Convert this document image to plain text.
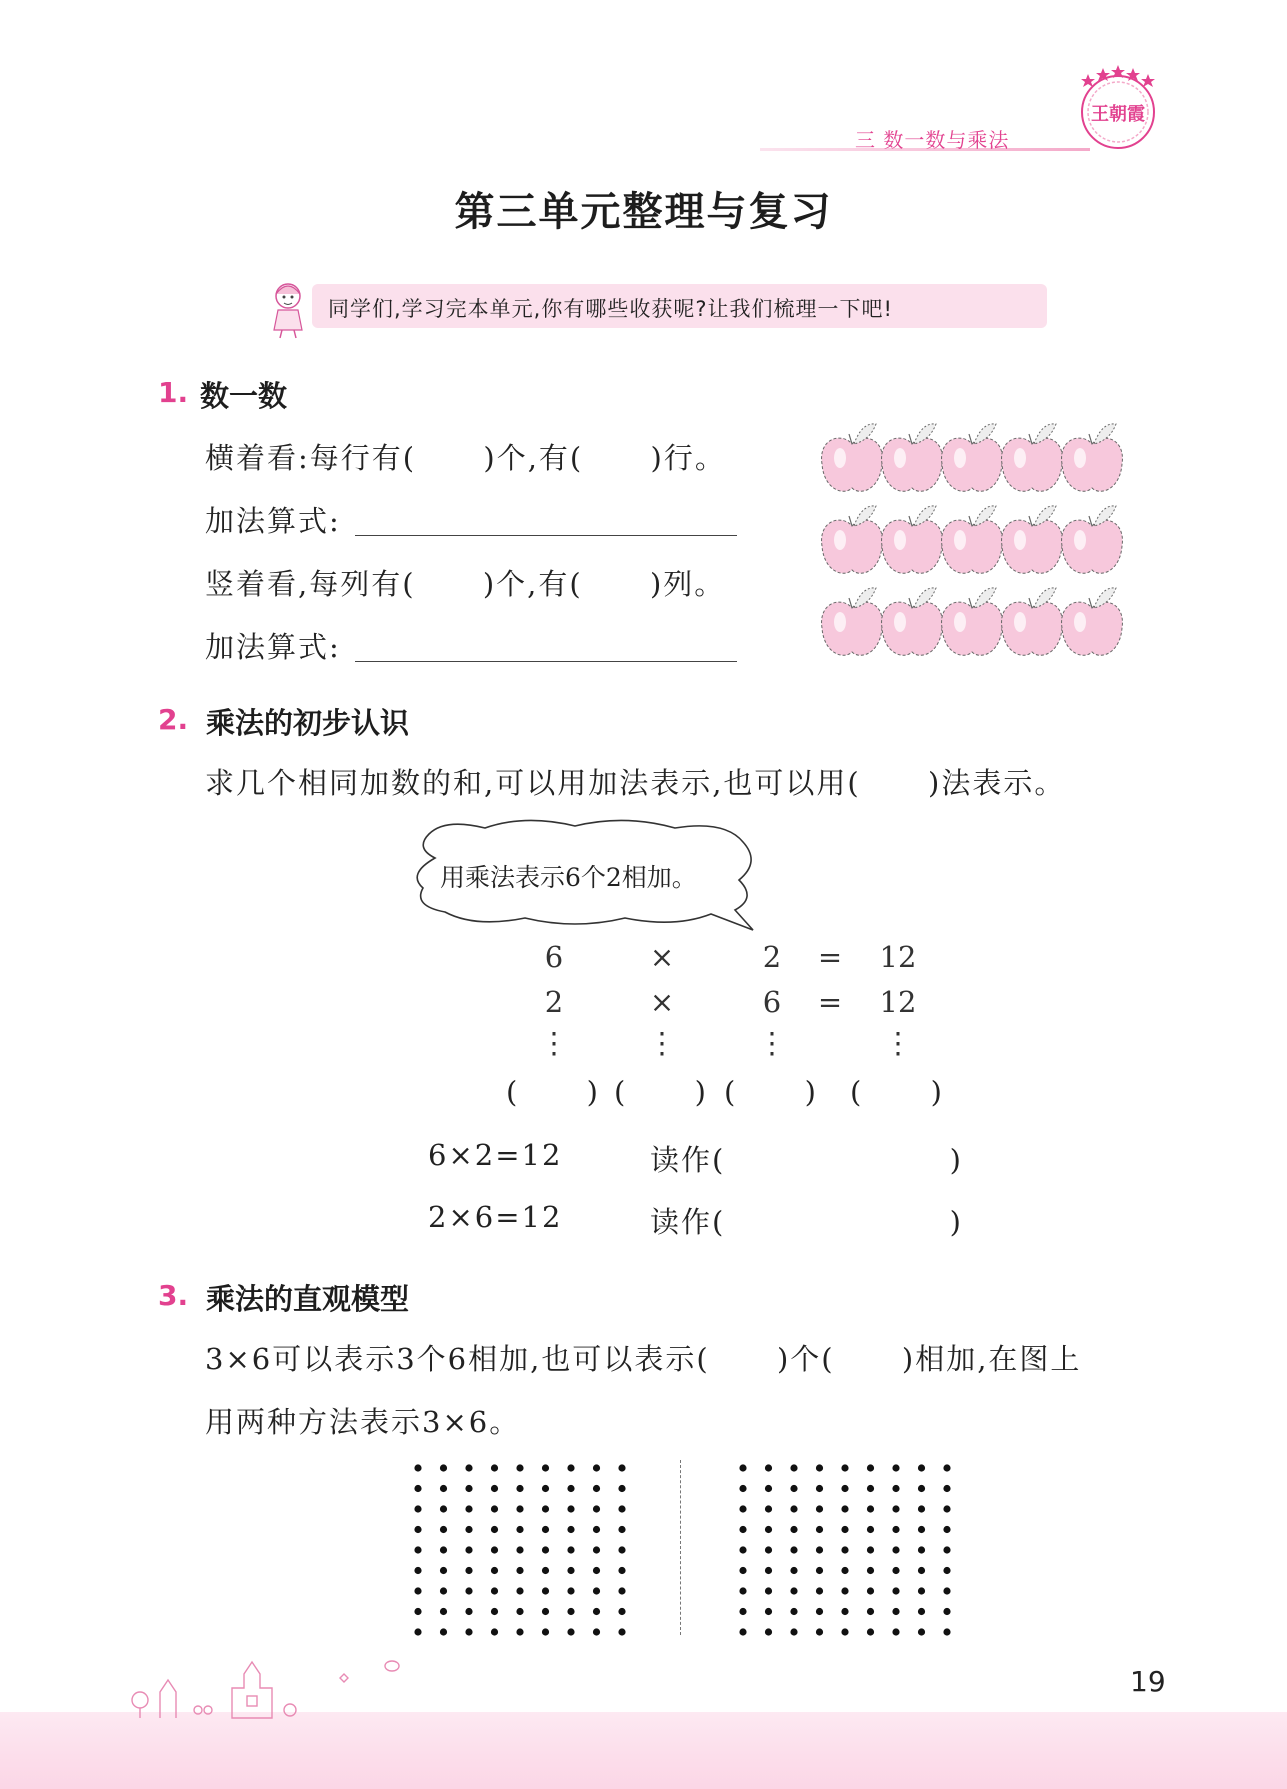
三 数一数与乘法
王朝霞
第三单元整理与复习
同学们,学习完本单元,你有哪些收获呢?让我们梳理一下吧!
1. 数一数
横着看:每行有(      )个,有(      )行。
加法算式:
竖着看,每列有(      )个,有(      )列。
加法算式:
2. 乘法的初步认识
求几个相同加数的和,可以用加法表示,也可以用(      )法表示。
用乘法表示6个2相加。
6	×	2	=	12
2	×	6	=	12
⋮	⋮	⋮	⋮
(      ) (      ) (      ) (      )
6×2=12	读作(                    )
2×6=12	读作(                    )
3. 乘法的直观模型
3×6可以表示3个6相加,也可以表示(      )个(      )相加,在图上
用两种方法表示3×6。
19
